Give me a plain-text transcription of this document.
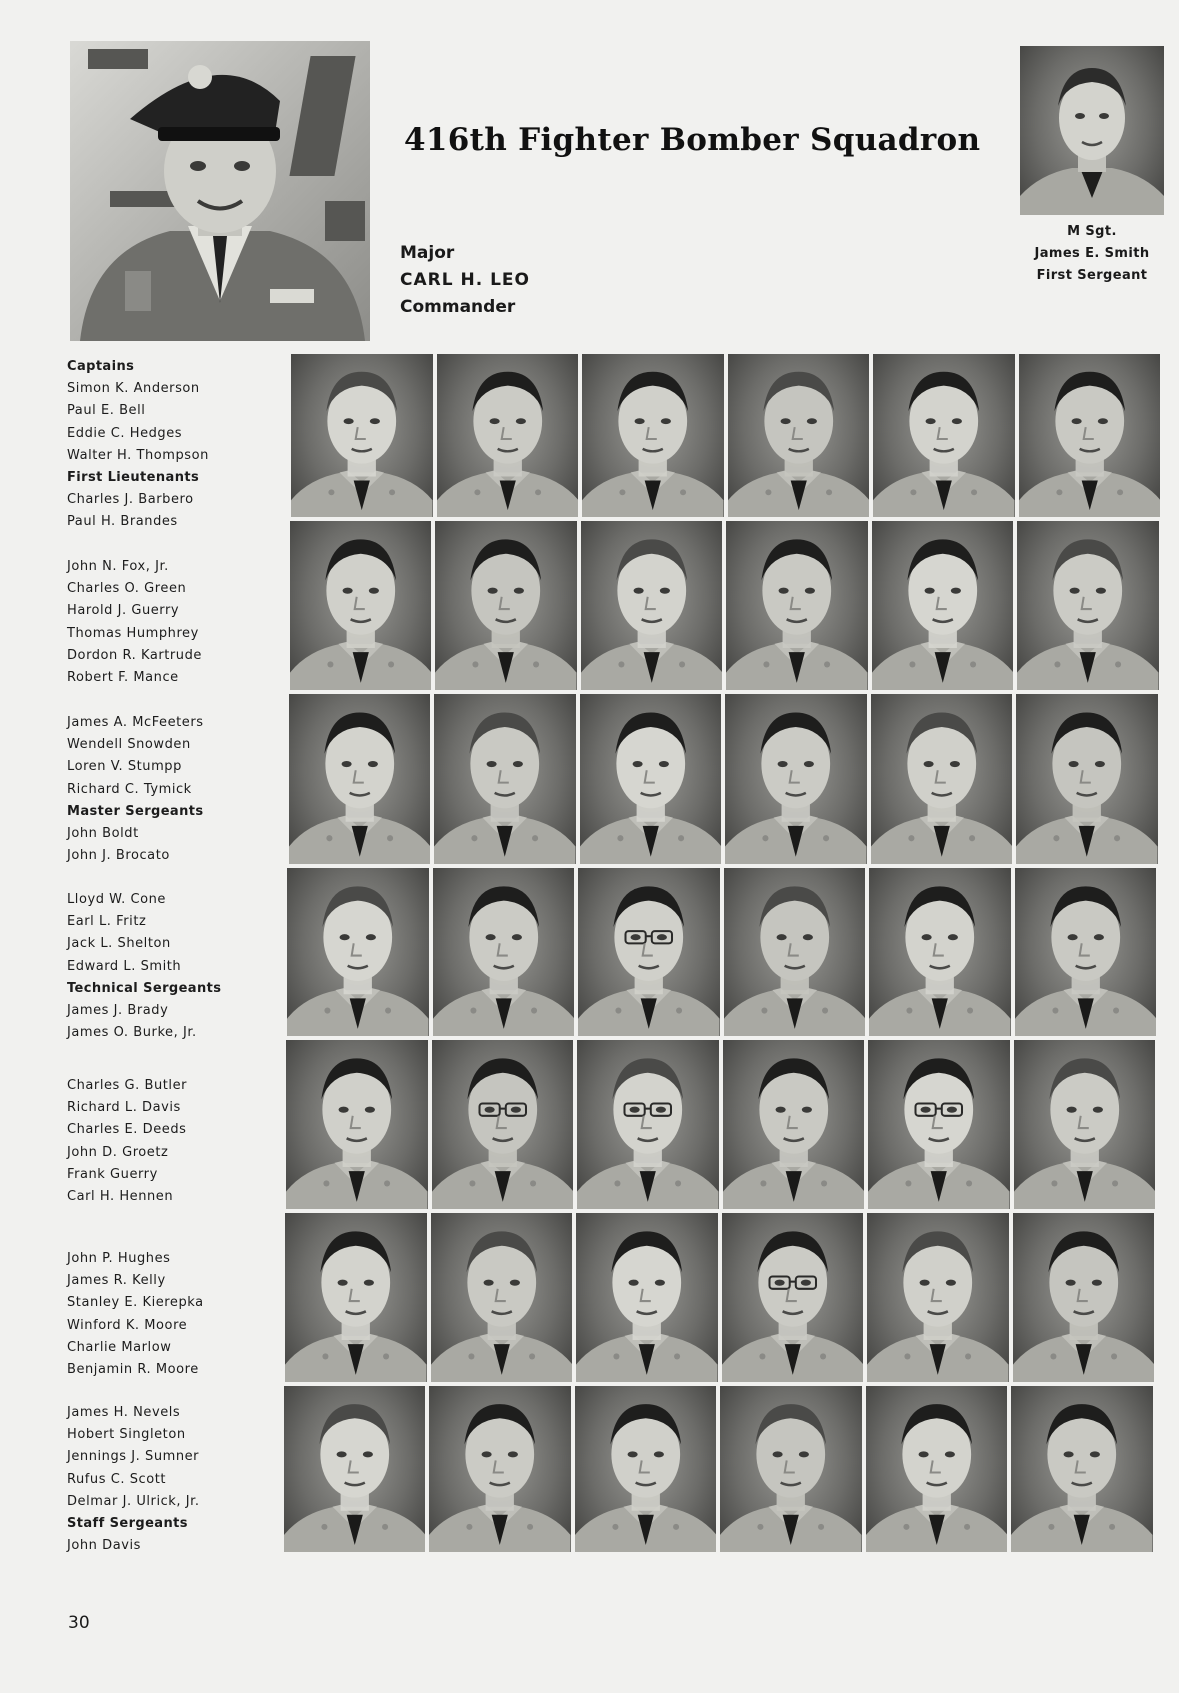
416th Fighter Bomber Squadron
Major
CARL H. LEO
Commander
M Sgt.
James E. Smith
First Sergeant
Captains
Simon K. Anderson
Paul E. Bell
Eddie C. Hedges
Walter H. Thompson
First Lieutenants
Charles J. Barbero
Paul H. Brandes
John N. Fox, Jr.
Charles O. Green
Harold J. Guerry
Thomas Humphrey
Dordon R. Kartrude
Robert F. Mance
James A. McFeeters
Wendell Snowden
Loren V. Stumpp
Richard C. Tymick
Master Sergeants
John Boldt
John J. Brocato
Lloyd W. Cone
Earl L. Fritz
Jack L. Shelton
Edward L. Smith
Technical Sergeants
James J. Brady
James O. Burke, Jr.
Charles G. Butler
Richard L. Davis
Charles E. Deeds
John D. Groetz
Frank Guerry
Carl H. Hennen
John P. Hughes
James R. Kelly
Stanley E. Kierepka
Winford K. Moore
Charlie Marlow
Benjamin R. Moore
James H. Nevels
Hobert Singleton
Jennings J. Sumner
Rufus C. Scott
Delmar J. Ulrick, Jr.
Staff Sergeants
John Davis
30
